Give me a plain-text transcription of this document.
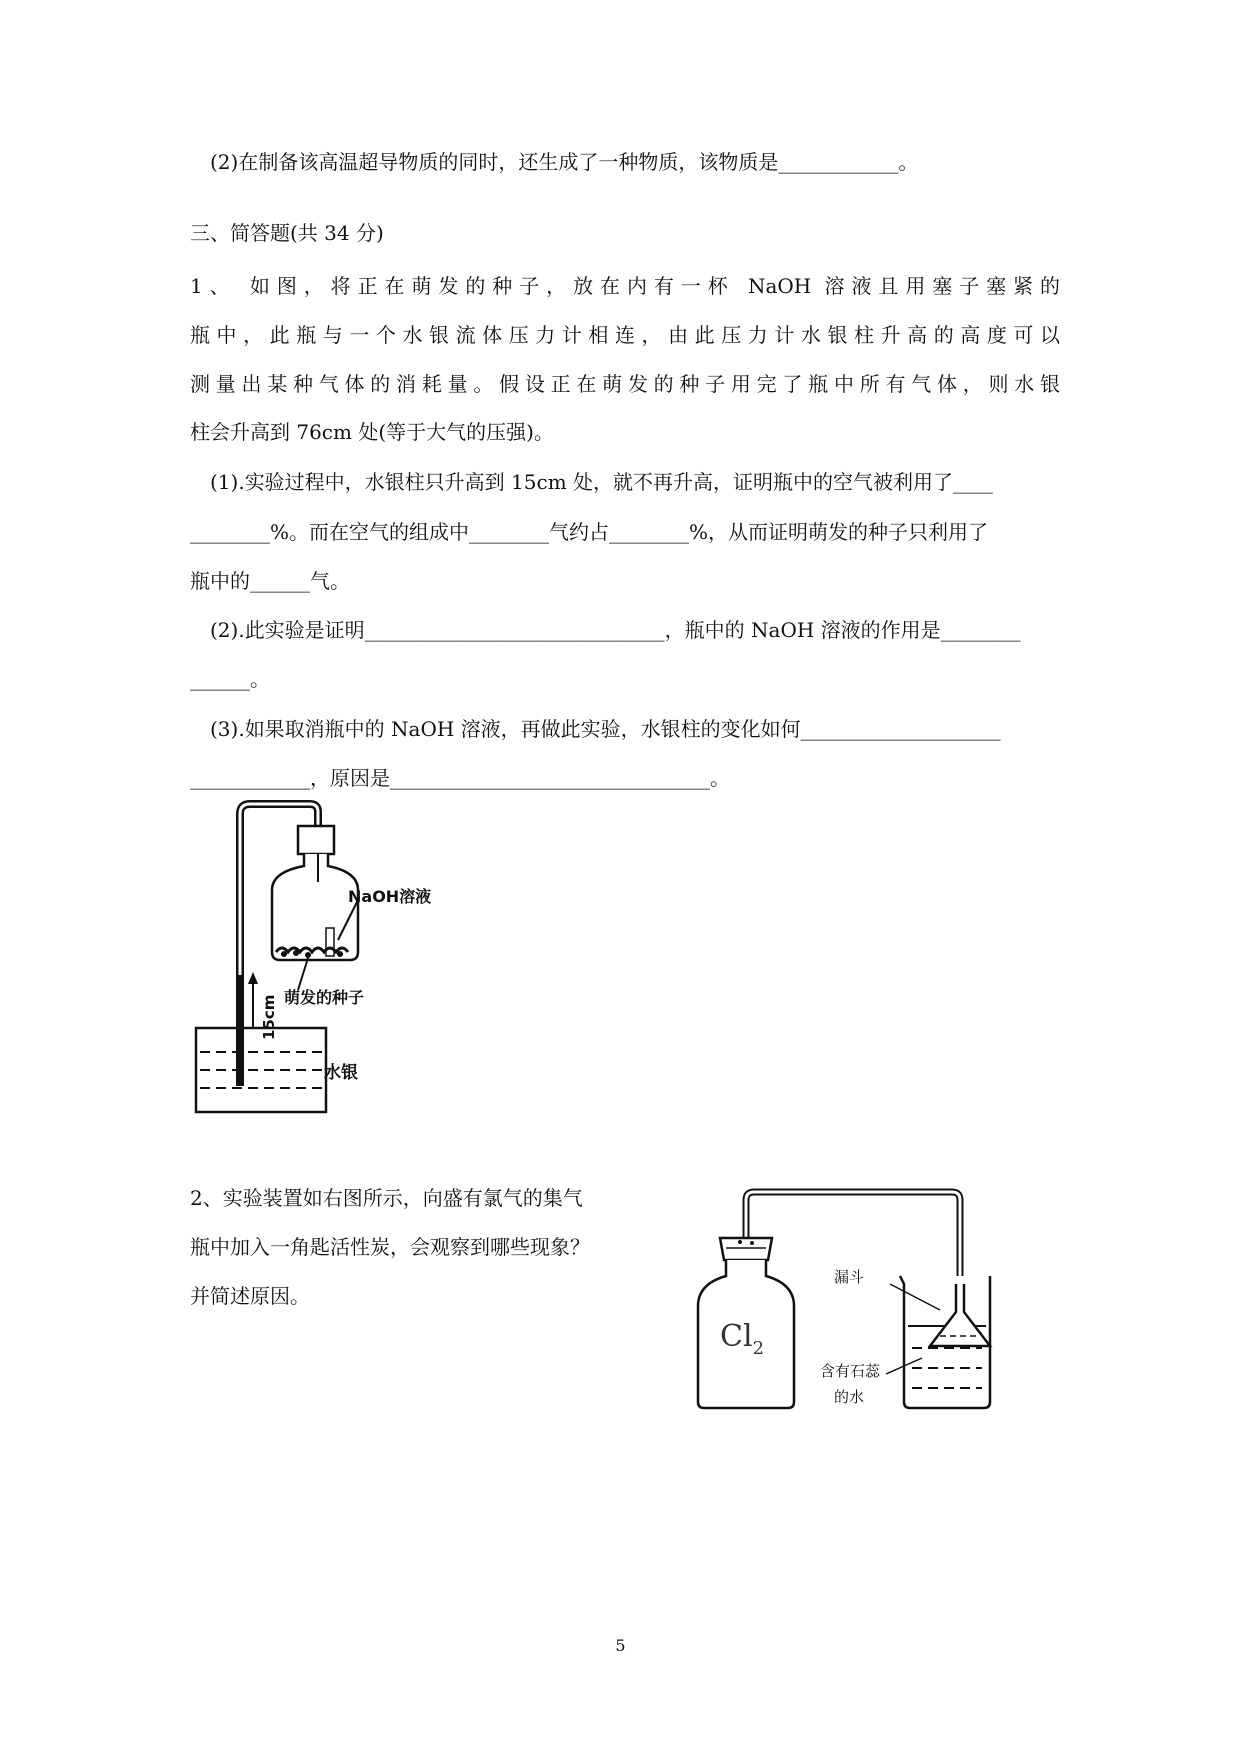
(2)在制备该高温超导物质的同时，还生成了一种物质，该物质是____________。
三、简答题(共 34 分)
1、 如图，将正在萌发的种子，放在内有一杯 NaOH 溶液且用塞子塞紧的
瓶中，此瓶与一个水银流体压力计相连，由此压力计水银柱升高的高度可以
测量出某种气体的消耗量。假设正在萌发的种子用完了瓶中所有气体，则水银
柱会升高到 76cm 处(等于大气的压强)。
(1).实验过程中，水银柱只升高到 15cm 处，就不再升高，证明瓶中的空气被利用了____
________%。而在空气的组成中________气约占________%，从而证明萌发的种子只利用了
瓶中的______气。
(2).此实验是证明______________________________，瓶中的 NaOH 溶液的作用是________
______。
(3).如果取消瓶中的 NaOH 溶液，再做此实验，水银柱的变化如何____________________
____________，原因是________________________________。
NaOH溶液
萌发的种子
15cm
水银
2、实验装置如右图所示，向盛有氯气的集气
瓶中加入一角匙活性炭，会观察到哪些现象？
并简述原因。
$Cl_2$
漏斗
含有石蕊
的水
5
